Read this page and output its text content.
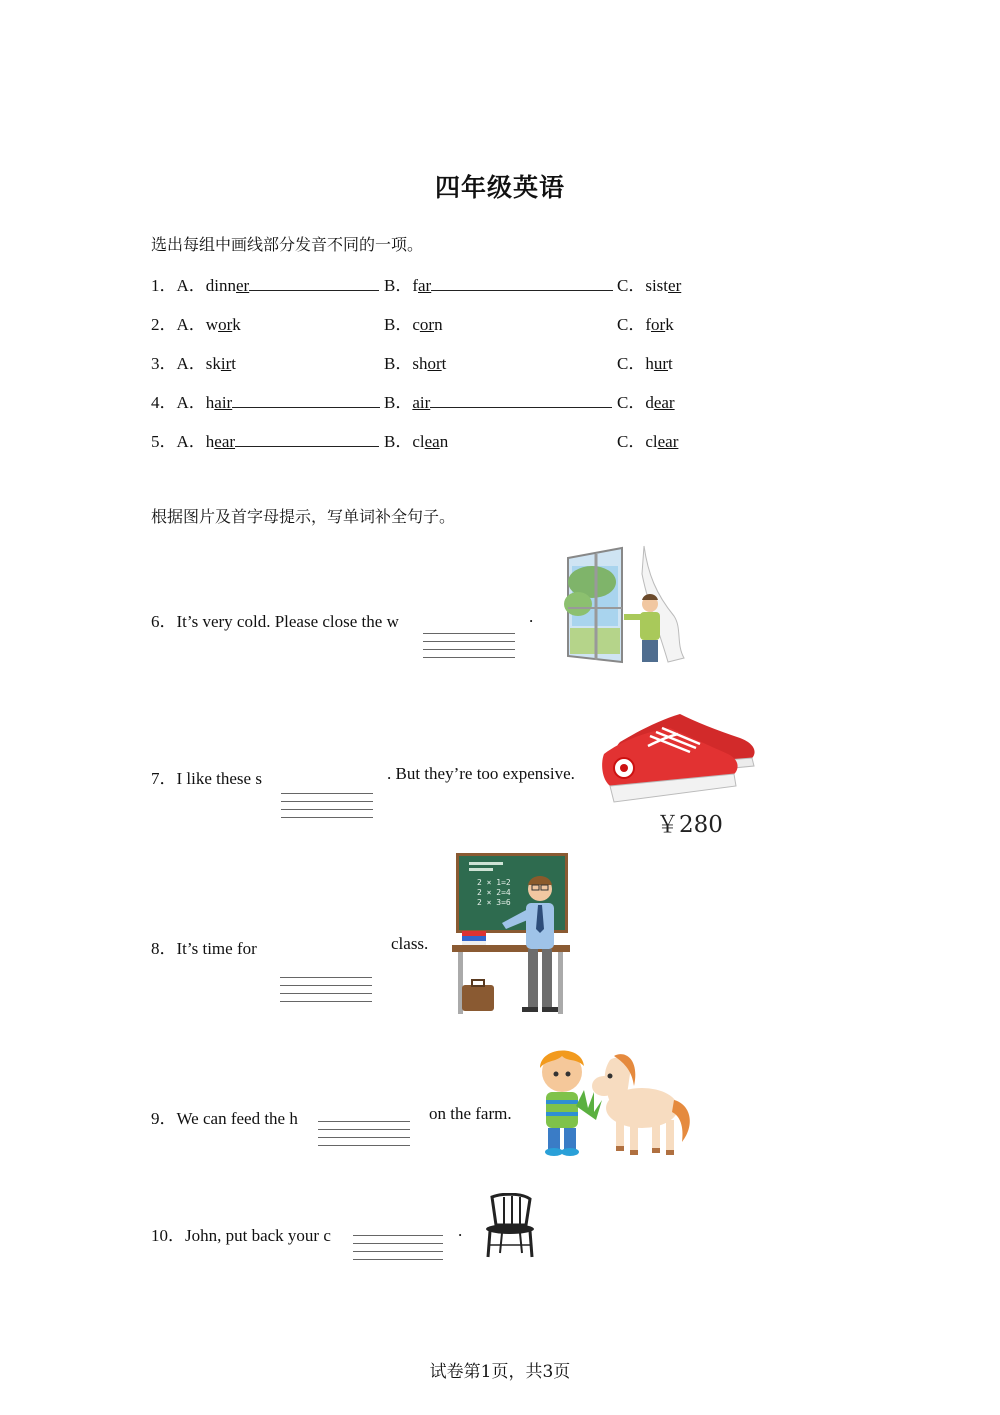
四年级英语
选出每组中画线部分发音不同的一项。
1．A．dinner	B．far	C．sister
2．A．work	B．corn	C．fork
3．A．skirt	B．short	C．hurt
4．A．hair	B．air	C．dear
5．A．hear	B．clean	C．clear
根据图片及首字母提示，写单词补全句子。
6．It’s very cold. Please close the w	.
7．I like these s	. But they’re too expensive.
￥280
8．It’s time for	class.
2 × 1=2
2 × 2=4
2 × 3=6
9．We can feed the h	on the farm.
10．John, put back your c	.
试卷第1页，共3页
